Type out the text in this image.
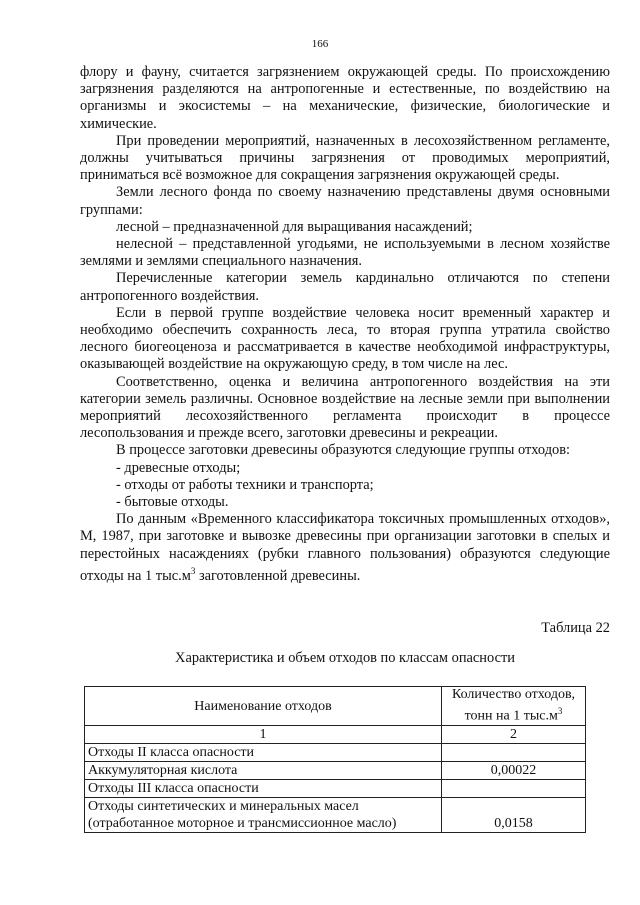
166

флору и фауну, считается загрязнением окружающей среды. По происхождению загрязнения разделяются на антропогенные и естественные, по воздействию на организмы и экосистемы – на механические, физические, биологические и химические.

При проведении мероприятий, назначенных в лесохозяйственном регламенте, должны учитываться причины загрязнения от проводимых мероприятий, приниматься всё возможное для сокращения загрязнения окружающей среды.

Земли лесного фонда по своему назначению представлены двумя основными группами:

лесной – предназначенной для выращивания насаждений;

нелесной – представленной угодьями, не используемыми в лесном хозяйстве землями и землями специального назначения.

Перечисленные категории земель кардинально отличаются по степени антропогенного воздействия.

Если в первой группе воздействие человека носит временный характер и необходимо обеспечить сохранность леса, то вторая группа утратила свойство лесного биогеоценоза и рассматривается в качестве необходимой инфраструктуры, оказывающей воздействие на окружающую среду, в том числе на лес.

Соответственно, оценка и величина антропогенного воздействия на эти категории земель различны. Основное воздействие на лесные земли при выполнении мероприятий лесохозяйственного регламента происходит в процессе лесопользования и прежде всего, заготовки древесины и рекреации.

В процессе заготовки древесины образуются следующие группы отходов:

- древесные отходы;

- отходы от работы техники и транспорта;

- бытовые отходы.

По данным «Временного классификатора токсичных промышленных отходов», М, 1987, при заготовке и вывозке древесины при организации заготовки в спелых и перестойных насаждениях (рубки главного пользования) образуются следующие отходы на 1 $тыс.м^3$ заготовленной древесины.

Таблица 22
Характеристика и объем отходов по классам опасности
Наименование отходов	Количество отходов,
тонн на 1 $тыс.м^3$
1	2
Отходы II класса опасности	
Аккумуляторная кислота	0,00022
Отходы III класса опасности	
Отходы синтетических и минеральных масел (отработанное моторное и трансмиссионное масло)	0,0158
